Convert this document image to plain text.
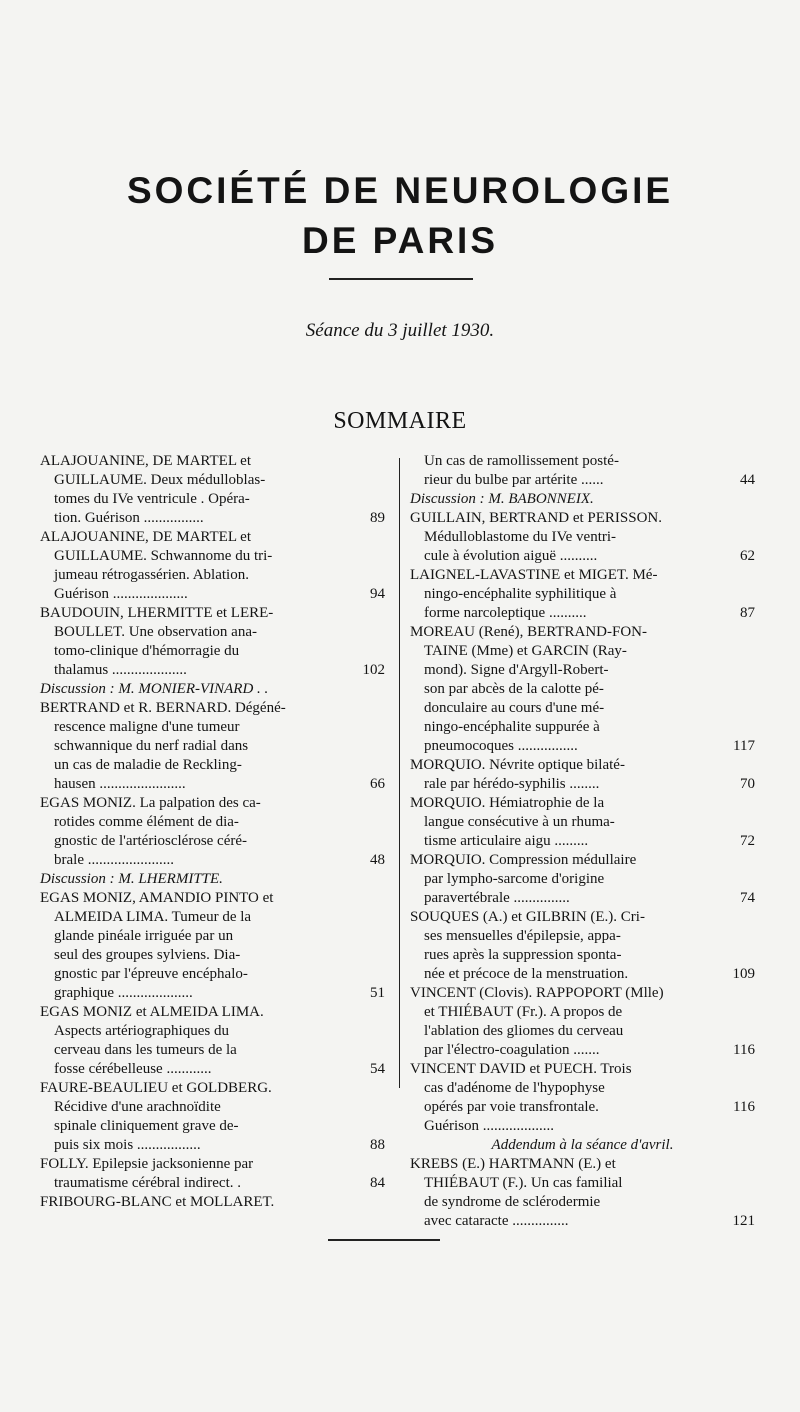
SOCIÉTÉ DE NEUROLOGIE
DE PARIS
Séance du 3 juillet 1930.
SOMMAIRE
ALAJOUANINE, DE MARTEL et
GUILLAUME. Deux médulloblas-
tomes du IVe ventricule . Opéra-
tion. Guérison ................	89
ALAJOUANINE, DE MARTEL et
GUILLAUME. Schwannome du tri-
jumeau rétrogassérien. Ablation.
Guérison ....................	94
BAUDOUIN, LHERMITTE et LERE-
BOULLET. Une observation ana-
tomo-clinique d'hémorragie du
thalamus ....................	102
Discussion : M. MONIER-VINARD . .
BERTRAND et R. BERNARD. Dégéné-
rescence maligne d'une tumeur
schwannique du nerf radial dans
un cas de maladie de Reckling-
hausen .......................	66
EGAS MONIZ. La palpation des ca-
rotides comme élément de dia-
gnostic de l'artériosclérose céré-
brale .......................	48
Discussion : M. LHERMITTE.
EGAS MONIZ, AMANDIO PINTO et
ALMEIDA LIMA. Tumeur de la
glande pinéale irriguée par un
seul des groupes sylviens. Dia-
gnostic par l'épreuve encéphalo-
graphique ....................	51
EGAS MONIZ et ALMEIDA LIMA.
Aspects artériographiques du
cerveau dans les tumeurs de la
fosse cérébelleuse ............	54
FAURE-BEAULIEU et GOLDBERG.
Récidive d'une arachnoïdite
spinale cliniquement grave de-
puis six mois .................	88
FOLLY. Epilepsie jacksonienne par
traumatisme cérébral indirect. .	84
FRIBOURG-BLANC et MOLLARET.
Un cas de ramollissement posté-
rieur du bulbe par artérite ......	44
Discussion : M. BABONNEIX.
GUILLAIN, BERTRAND et PERISSON.
Médulloblastome du IVe ventri-
cule à évolution aiguë ..........	62
LAIGNEL-LAVASTINE et MIGET. Mé-
ningo-encéphalite syphilitique à
forme narcoleptique ..........	87
MOREAU (René), BERTRAND-FON-
TAINE (Mme) et GARCIN (Ray-
mond). Signe d'Argyll-Robert-
son par abcès de la calotte pé-
donculaire au cours d'une mé-
ningo-encéphalite suppurée à
pneumocoques ................	117
MORQUIO. Névrite optique bilaté-
rale par hérédo-syphilis ........	70
MORQUIO. Hémiatrophie de la
langue consécutive à un rhuma-
tisme articulaire aigu .........	72
MORQUIO. Compression médullaire
par lympho-sarcome d'origine
paravertébrale ...............	74
SOUQUES (A.) et GILBRIN (E.). Cri-
ses mensuelles d'épilepsie, appa-
rues après la suppression sponta-
née et précoce de la menstruation.	109
VINCENT (Clovis). RAPPOPORT (Mlle)
et THIÉBAUT (Fr.). A propos de
l'ablation des gliomes du cerveau
par l'électro-coagulation .......	116
VINCENT DAVID et PUECH. Trois
cas d'adénome de l'hypophyse
opérés par voie transfrontale.	116
Guérison ...................
Addendum à la séance d'avril.
KREBS (E.) HARTMANN (E.) et
THIÉBAUT (F.). Un cas familial
de syndrome de sclérodermie
avec cataracte ...............	121
